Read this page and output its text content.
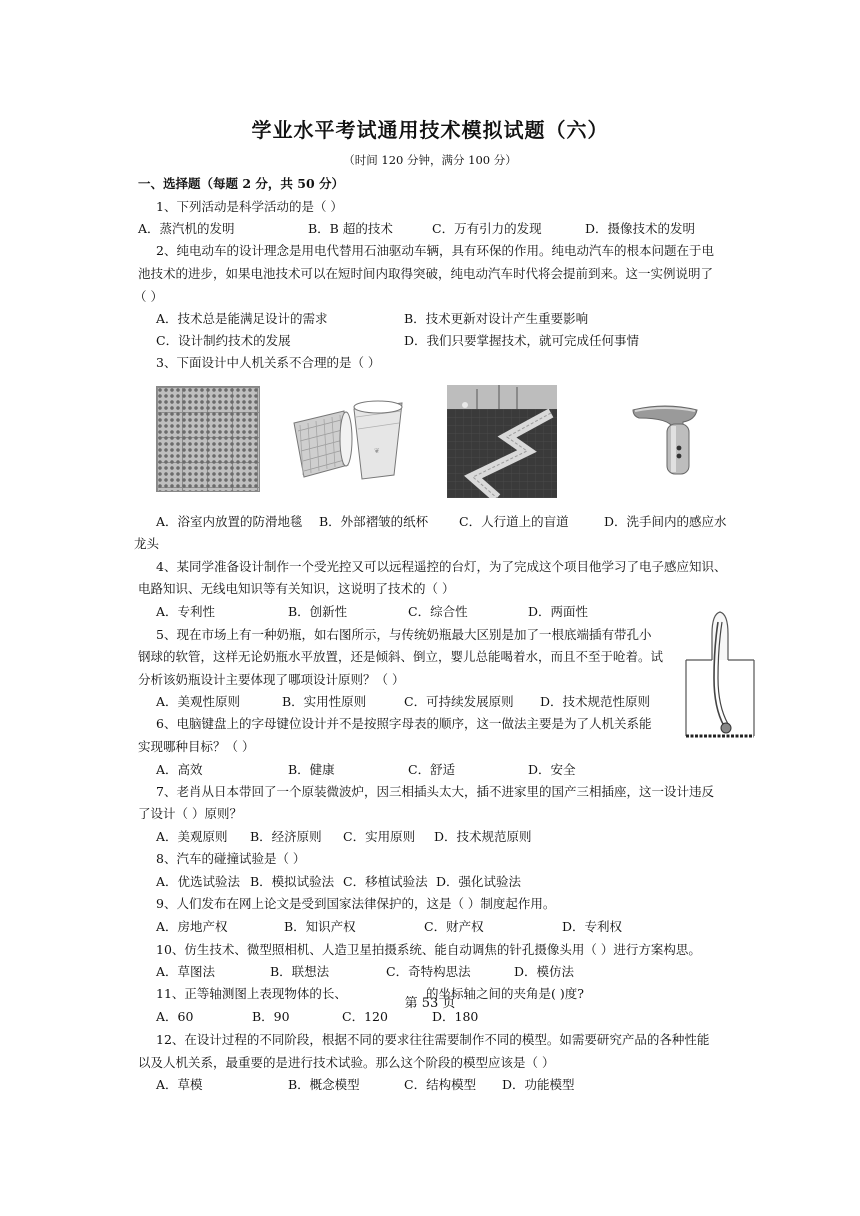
学业水平考试通用技术模拟试题（六）
（时间 120 分钟，满分 100 分）
一、选择题（每题 2 分，共 50 分）
1、下列活动是科学活动的是（ ）
A．蒸汽机的发明	B．B 超的技术	C．万有引力的发现	D．摄像技术的发明
2、纯电动车的设计理念是用电代替用石油驱动车辆，具有环保的作用。纯电动汽车的根本问题在于电
池技术的进步，如果电池技术可以在短时间内取得突破，纯电动汽车时代将会提前到来。这一实例说明了
（ ）
A．技术总是能满足设计的需求	B．技术更新对设计产生重要影响
C．设计制约技术的发展	D．我们只要掌握技术，就可完成任何事情
3、下面设计中人机关系不合理的是（ ）
❦
A．浴室内放置的防滑地毯 B．外部褶皱的纸杯 C．人行道上的盲道	D．洗手间内的感应水
龙头
4、某同学准备设计制作一个受光控又可以远程遥控的台灯，为了完成这个项目他学习了电子感应知识、
电路知识、无线电知识等有关知识，这说明了技术的（ ）
A．专利性	B．创新性	C．综合性	D．两面性
5、现在市场上有一种奶瓶，如右图所示，与传统奶瓶最大区别是加了一根底端插有带孔小
钢球的软管，这样无论奶瓶水平放置，还是倾斜、倒立，婴儿总能喝着水，而且不至于呛着。试
分析该奶瓶设计主要体现了哪项设计原则？（ ）
A．美观性原则	B．实用性原则	C．可持续发展原则 D．技术规范性原则
6、电脑键盘上的字母键位设计并不是按照字母表的顺序，这一做法主要是为了人机关系能
实现哪种目标？（ ）
A．高效	B．健康	C．舒适	D．安全
7、老肖从日本带回了一个原装微波炉，因三相插头太大，插不进家里的国产三相插座，这一设计违反
了设计（ ）原则？
A．美观原则 B．经济原则 C．实用原则 D．技术规范原则
8、汽车的碰撞试验是（ ）
A．优选试验法 B．模拟试验法 C．移植试验法 D．强化试验法
9、人们发布在网上论文是受到国家法律保护的，这是（ ）制度起作用。
A．房地产权	B．知识产权	C．财产权	D．专利权
10、仿生技术、微型照相机、人造卫星拍摄系统、能自动调焦的针孔摄像头用（ ）进行方案构思。
A．草图法	B．联想法	C．奇特构思法	D．模仿法
11、正等轴测图上表现物体的长、	的坐标轴之间的夹角是( )度?
第 53 页
A．60	B．90	C．120	D．180
12、在设计过程的不同阶段，根据不同的要求往往需要制作不同的模型。如需要研究产品的各种性能
以及人机关系，最重要的是进行技术试验。那么这个阶段的模型应该是（ ）
A．草模	B．概念模型	C．结构模型 D．功能模型
